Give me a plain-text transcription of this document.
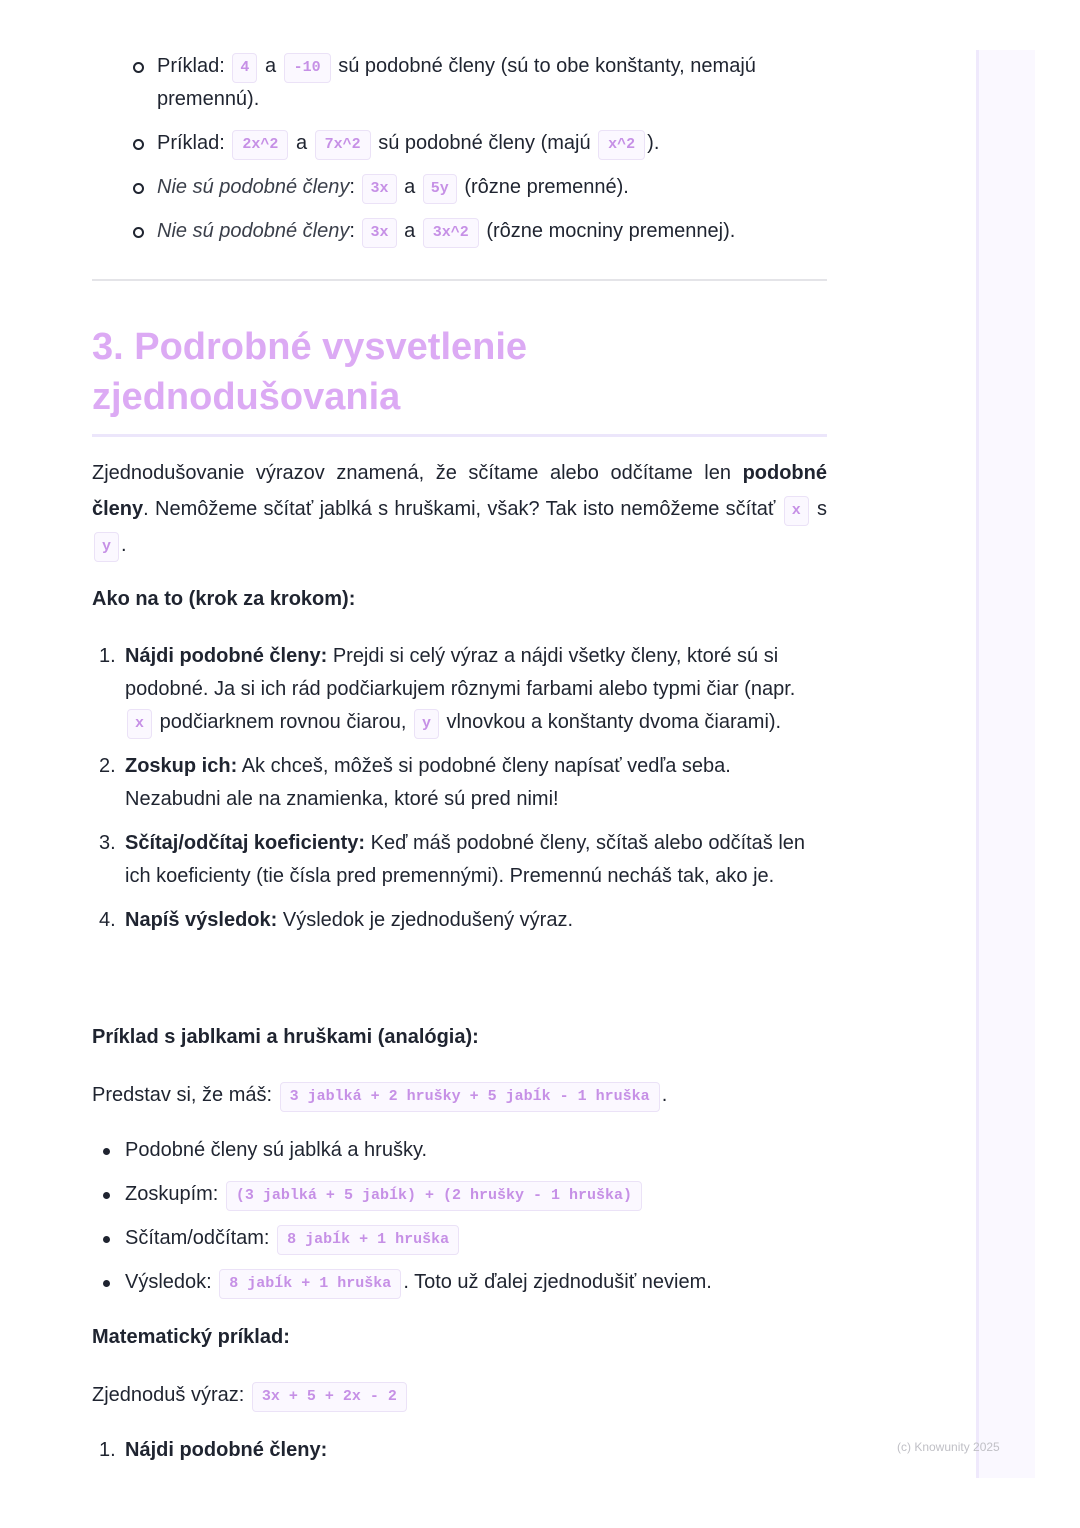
Príklad: 4 a -10 sú podobné členy (sú to obe konštanty, nemajú premennú).
Príklad: 2x^2 a 7x^2 sú podobné členy (majú x^2 ).
Nie sú podobné členy: 3x a 5y (rôzne premenné).
Nie sú podobné členy: 3x a 3x^2 (rôzne mocniny premennej).
3. Podrobné vysvetlenie zjednodušovania

Zjednodušovanie výrazov znamená, že sčítame alebo odčítame len podobné členy. Nemôžeme sčítať jablká s hruškami, však? Tak isto nemôžeme sčítať x s y .

Ako na to (krok za krokom):
1. Nájdi podobné členy: Prejdi si celý výraz a nájdi všetky členy, ktoré sú si podobné. Ja si ich rád podčiarkujem rôznymi farbami alebo typmi čiar (napr. x podčiarknem rovnou čiarou, y vlnovkou a konštanty dvoma čiarami).
2. Zoskup ich: Ak chceš, môžeš si podobné členy napísať vedľa seba. Nezabudni ale na znamienka, ktoré sú pred nimi!
3. Sčítaj/odčítaj koeficienty: Keď máš podobné členy, sčítaš alebo odčítaš len ich koeficienty (tie čísla pred premennými). Premennú necháš tak, ako je.
4. Napíš výsledok: Výsledok je zjednodušený výraz.
Príklad s jablkami a hruškami (analógia):
Predstav si, že máš: 3 jablká + 2 hrušky + 5 jabĺk - 1 hruška .
Podobné členy sú jablká a hrušky.
Zoskupím: (3 jablká + 5 jabĺk) + (2 hrušky - 1 hruška)
Sčítam/odčítam: 8 jabĺk + 1 hruška
Výsledok: 8 jabĺk + 1 hruška . Toto už ďalej zjednodušiť neviem.
Matematický príklad:
Zjednoduš výraz: 3x + 5 + 2x - 2
1. Nájdi podobné členy:	(c) Knowunity 2025
